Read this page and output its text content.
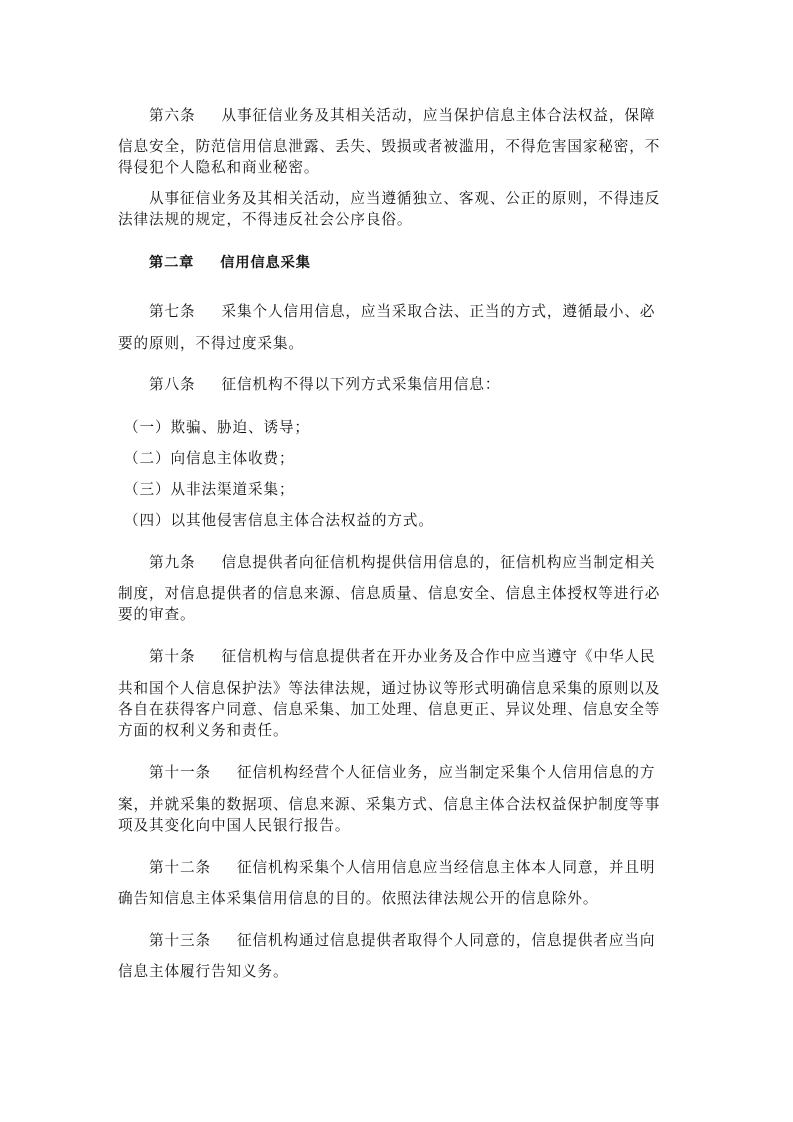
第六条 从事征信业务及其相关活动，应当保护信息主体合法权益，保障
信息安全，防范信用信息泄露、丢失、毁损或者被滥用，不得危害国家秘密，不
得侵犯个人隐私和商业秘密。
从事征信业务及其相关活动，应当遵循独立、客观、公正的原则，不得违反
法律法规的规定，不得违反社会公序良俗。
第二章 信用信息采集
第七条 采集个人信用信息，应当采取合法、正当的方式，遵循最小、必
要的原则，不得过度采集。
第八条 征信机构不得以下列方式采集信用信息：
（一）欺骗、胁迫、诱导；
（二）向信息主体收费；
（三）从非法渠道采集；
（四）以其他侵害信息主体合法权益的方式。
第九条 信息提供者向征信机构提供信用信息的，征信机构应当制定相关
制度，对信息提供者的信息来源、信息质量、信息安全、信息主体授权等进行必
要的审查。
第十条 征信机构与信息提供者在开办业务及合作中应当遵守《中华人民
共和国个人信息保护法》等法律法规，通过协议等形式明确信息采集的原则以及
各自在获得客户同意、信息采集、加工处理、信息更正、异议处理、信息安全等
方面的权利义务和责任。
第十一条 征信机构经营个人征信业务，应当制定采集个人信用信息的方
案，并就采集的数据项、信息来源、采集方式、信息主体合法权益保护制度等事
项及其变化向中国人民银行报告。
第十二条 征信机构采集个人信用信息应当经信息主体本人同意，并且明
确告知信息主体采集信用信息的目的。依照法律法规公开的信息除外。
第十三条 征信机构通过信息提供者取得个人同意的，信息提供者应当向
信息主体履行告知义务。
